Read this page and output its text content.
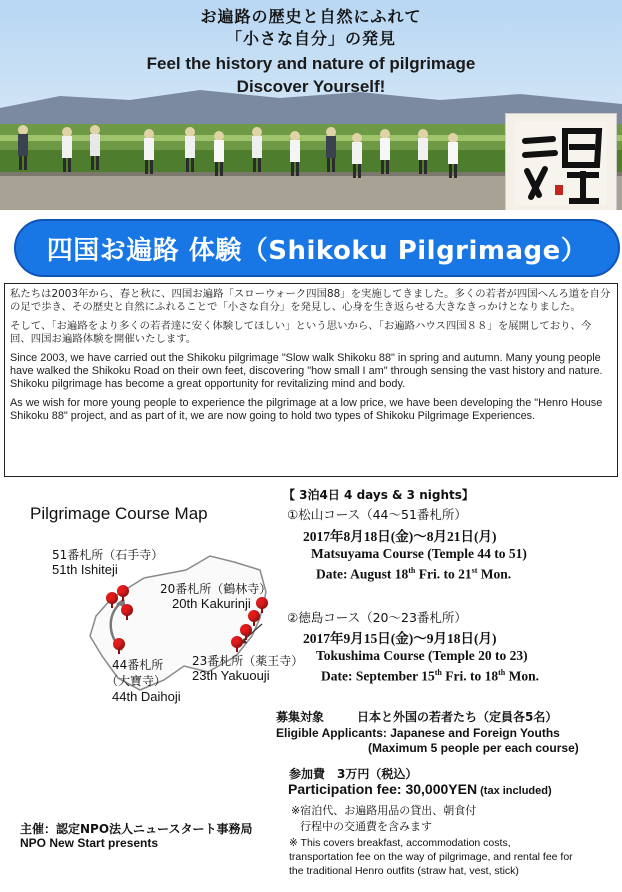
お遍路の歴史と自然にふれて
「小さな自分」の発見
Feel the history and nature of pilgrimage
Discover Yourself!
四国お遍路 体験（Shikoku Pilgrimage）

私たちは2003年から、春と秋に、四国お遍路「スローウォーク四国88」を実施してきました。多くの若者が四国へんろ道を自分の足で歩き、その歴史と自然にふれることで「小さな自分」を発見し、心身を生き返らせる大きなきっかけとなりました。

そして、「お遍路をより多くの若者達に安く体験してほしい」という思いから、「お遍路ハウス四国８８」を展開しており、今回、四国お遍路体験を開催いたします。

Since 2003, we have carried out the Shikoku pilgrimage "Slow walk Shikoku 88" in spring and autumn. Many young people have walked the Shikoku Road on their own feet, discovering "how small I am" through sensing the vast history and nature. Shikoku pilgrimage has become a great opportunity for revitalizing mind and body.

As we wish for more young people to experience the pilgrimage at a low price, we have been developing the "Henro House Shikoku 88" project, and as part of it, we are now going to hold two types of Shikoku Pilgrimage Experiences.

Pilgrimage Course Map
51番札所（石手寺）
51th Ishiteji
20番札所（鶴林寺）
20th Kakurinji
23番札所（薬王寺）
23th Yakuouji
44番札所
（大寶寺）
44th Daihoji
【 3泊4日 4 days & 3 nights】
①松山コース（44～51番札所）
2017年8月18日(金)～8月21日(月)
Matsuyama Course (Temple 44 to 51)
Date: August 18th Fri. to 21st Mon.
②徳島コース（20～23番札所）
2017年9月15日(金)～9月18日(月)
Tokushima Course (Temple 20 to 23)
Date: September 15th Fri. to 18th Mon.
募集対象	日本と外国の若者たち（定員各5名）
Eligible Applicants: Japanese and Foreign Youths
(Maximum 5 people per each course)
参加費　3万円（税込）
Participation fee: 30,000YEN (tax included)
※宿泊代、お遍路用品の貸出、朝食付
行程中の交通費を含みます
※ This covers breakfast, accommodation costs,
transportation fee on the way of pilgrimage, and rental fee for
the traditional Henro outfits (straw hat, vest, stick)
主催：認定NPO法人ニュースタート事務局
NPO New Start presents
